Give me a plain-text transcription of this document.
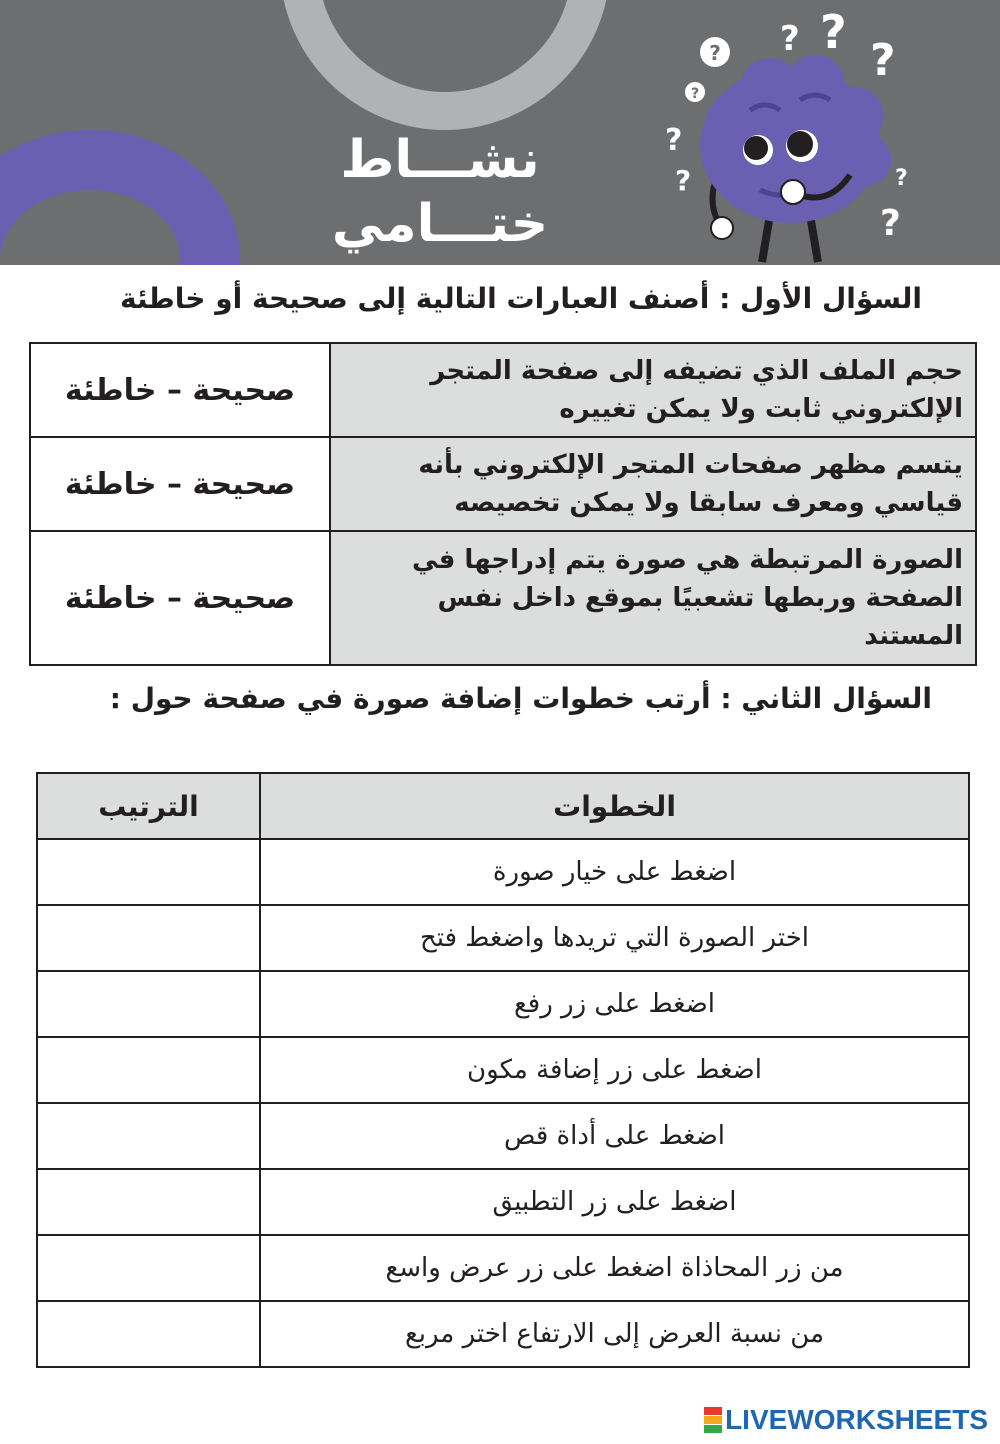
نشـــاط ختـــامي
?
?
? ?
?
?
?	?
?
السؤال الأول : أصنف العبارات التالية إلى صحيحة أو خاطئة
حجم الملف الذي تضيفه إلى صفحة المتجر الإلكتروني ثابت ولا يمكن تغييره	صحيحة – خاطئة
يتسم مظهر صفحات المتجر الإلكتروني بأنه قياسي ومعرف سابقا ولا يمكن تخصيصه	صحيحة – خاطئة
الصورة المرتبطة هي صورة يتم إدراجها في الصفحة وربطها تشعبيًا بموقع داخل نفس المستند	صحيحة – خاطئة
السؤال الثاني : أرتب خطوات إضافة صورة في صفحة حول :
الخطوات	الترتيب
اضغط على خيار صورة	
اختر الصورة التي تريدها واضغط فتح	
اضغط على زر رفع	
اضغط على زر إضافة مكون	
اضغط على أداة قص	
اضغط على زر التطبيق	
من زر المحاذاة اضغط على زر عرض واسع	
من نسبة العرض إلى الارتفاع اختر مربع	
LIVEWORKSHEETS
